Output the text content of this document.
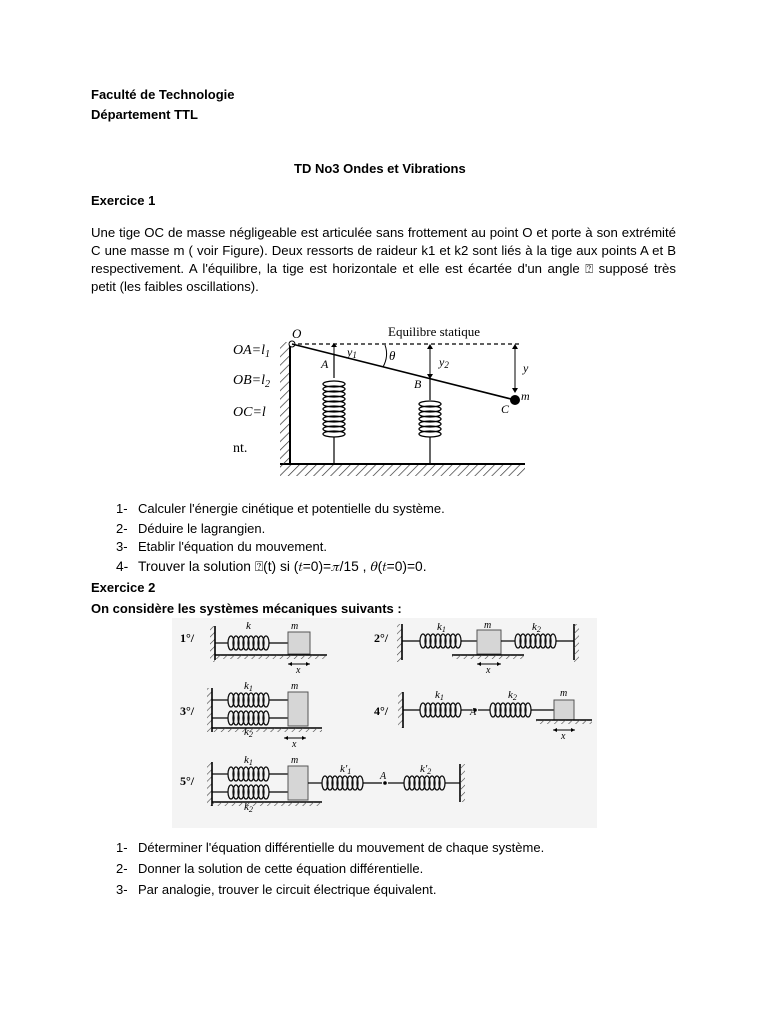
Faculté de Technologie
Département TTL
TD No3 Ondes et Vibrations
Exercice 1
Une tige OC de masse négligeable est articulée sans frottement au point O et porte à son extrémité C une masse m ( voir Figure). Deux ressorts de raideur k1 et k2 sont liés à la tige aux points A et B respectivement. A l'équilibre, la tige est horizontale et elle est écartée d'un angle ⍰ supposé très petit (les faibles oscillations).
O	Equilibre statique
$OA=l_1$
$OB=l_2$
OC=l
nt.
A
B
C
m
y1	y2	y
θ
1- Calculer l'énergie cinétique et potentielle du système.
2- Déduire le lagrangien.
3- Etablir l'équation du mouvement.
4- Trouver la solution ⍰(t) si (𝑡=0)=𝜋/15 , 𝜃(𝑡=0)=0.
Exercice 2
On considère les systèmes mécaniques suivants :
1°/
k	m
x
2°/
k1	m	k2
x
3°/
k1
k2
m
x
4°/
k1
A
k2	m
x
5°/
k1
k2
m
k'1	A
k'2
1- Déterminer l'équation différentielle du mouvement de chaque système.
2- Donner la solution de cette équation différentielle.
3- Par analogie, trouver le circuit électrique équivalent.
